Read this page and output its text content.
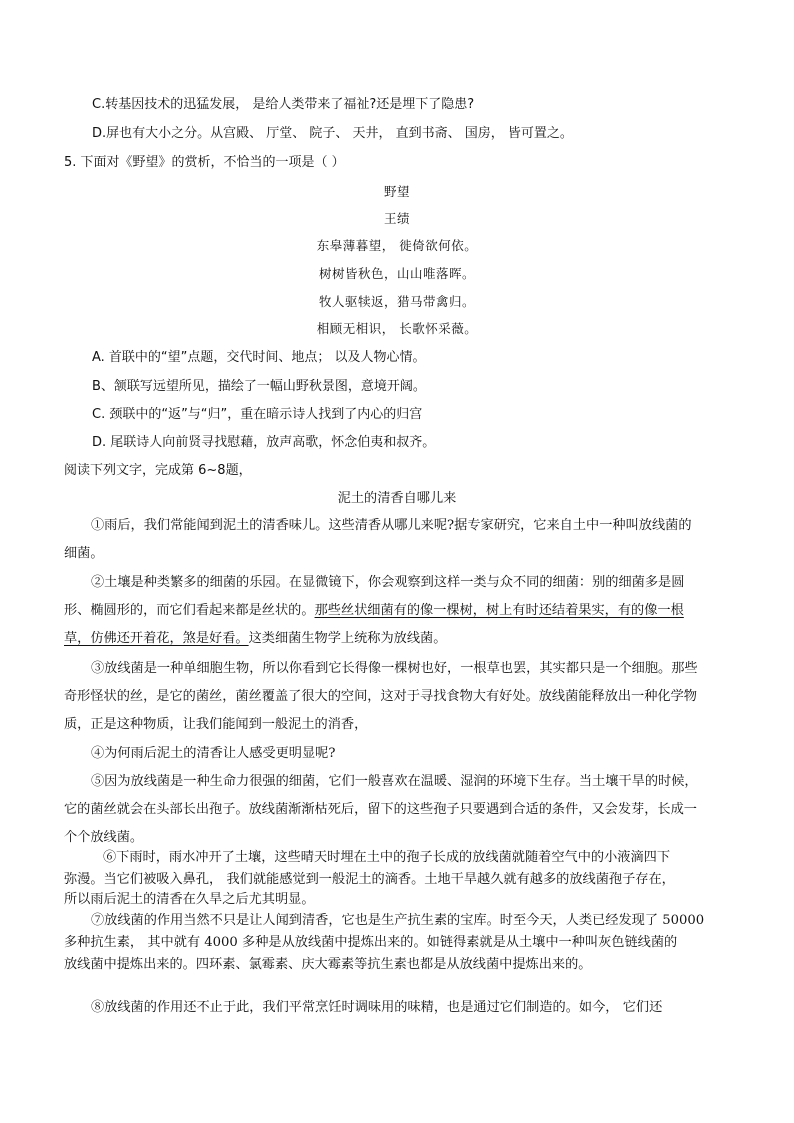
C.转基因技术的迅猛发展， 是给人类带来了福祉?还是埋下了隐患?
D.屏也有大小之分。从宫殿、 厅堂、 院子、 天井， 直到书斋、 国房， 皆可置之。
5. 下面对《野望》的赏析，不恰当的一项是（ ）
野望
王绩
东皋薄暮望， 徙倚欲何依。
树树皆秋色，山山唯落晖。
牧人驱犊返，猎马带禽归。
相顾无相识， 长歌怀采薇。
A. 首联中的“望”点题，交代时间、地点； 以及人物心情。
B、颔联写远望所见，描绘了一幅山野秋景图，意境开阔。
C. 颈联中的“返”与“归”，重在暗示诗人找到了内心的归宫
D. 尾联诗人向前贤寻找慰藉，放声高歌，怀念伯夷和叔齐。
阅读下列文字，完成第 6~8题，
泥土的清香自哪儿来
①雨后，我们常能闻到泥土的清香味儿。这些清香从哪儿来呢?据专家研究，它来自土中一种叫放线菌的
细菌。
②土壤是种类繁多的细菌的乐园。在显微镜下，你会观察到这样一类与众不同的细菌：别的细菌多是圆
形、椭圆形的，而它们看起来都是丝状的。那些丝状细菌有的像一棵树，树上有时还结着果实，有的像一根
草，仿佛还开着花，煞是好看。这类细菌生物学上统称为放线菌。
③放线菌是一种单细胞生物，所以你看到它长得像一棵树也好，一根草也罢，其实都只是一个细胞。那些
奇形怪状的丝，是它的菌丝，菌丝覆盖了很大的空间，这对于寻找食物大有好处。放线菌能释放出一种化学物
质，正是这种物质，让我们能闻到一般泥土的消香，
④为何雨后泥土的清香让人感受更明显呢?
⑤因为放线菌是一种生命力很强的细菌，它们一般喜欢在温暖、湿润的环境下生存。当土壤干旱的时候，
它的菌丝就会在头部长出孢子。放线菌渐渐枯死后，留下的这些孢子只要遇到合适的条件，又会发芽，长成一
个个放线菌。
⑥下雨时，雨水冲开了土壤，这些晴天时埋在土中的孢子长成的放线菌就随着空气中的小液滴四下
弥漫。当它们被吸入鼻孔， 我们就能感觉到一般泥土的滴香。土地干旱越久就有越多的放线菌孢子存在，
所以雨后泥土的清香在久旱之后尤其明显。
⑦放线菌的作用当然不只是让人闻到清香，它也是生产抗生素的宝库。时至今天，人类已经发现了 50000
多种抗生素， 其中就有 4000 多种是从放线菌中提炼出来的。如链得素就是从土壤中一种叫灰色链线菌的
放线菌中提炼出来的。四环素、氯霉素、庆大霉素等抗生素也都是从放线菌中提炼出来的。
⑧放线菌的作用还不止于此，我们平常烹饪时调味用的味精，也是通过它们制造的。如今， 它们还
